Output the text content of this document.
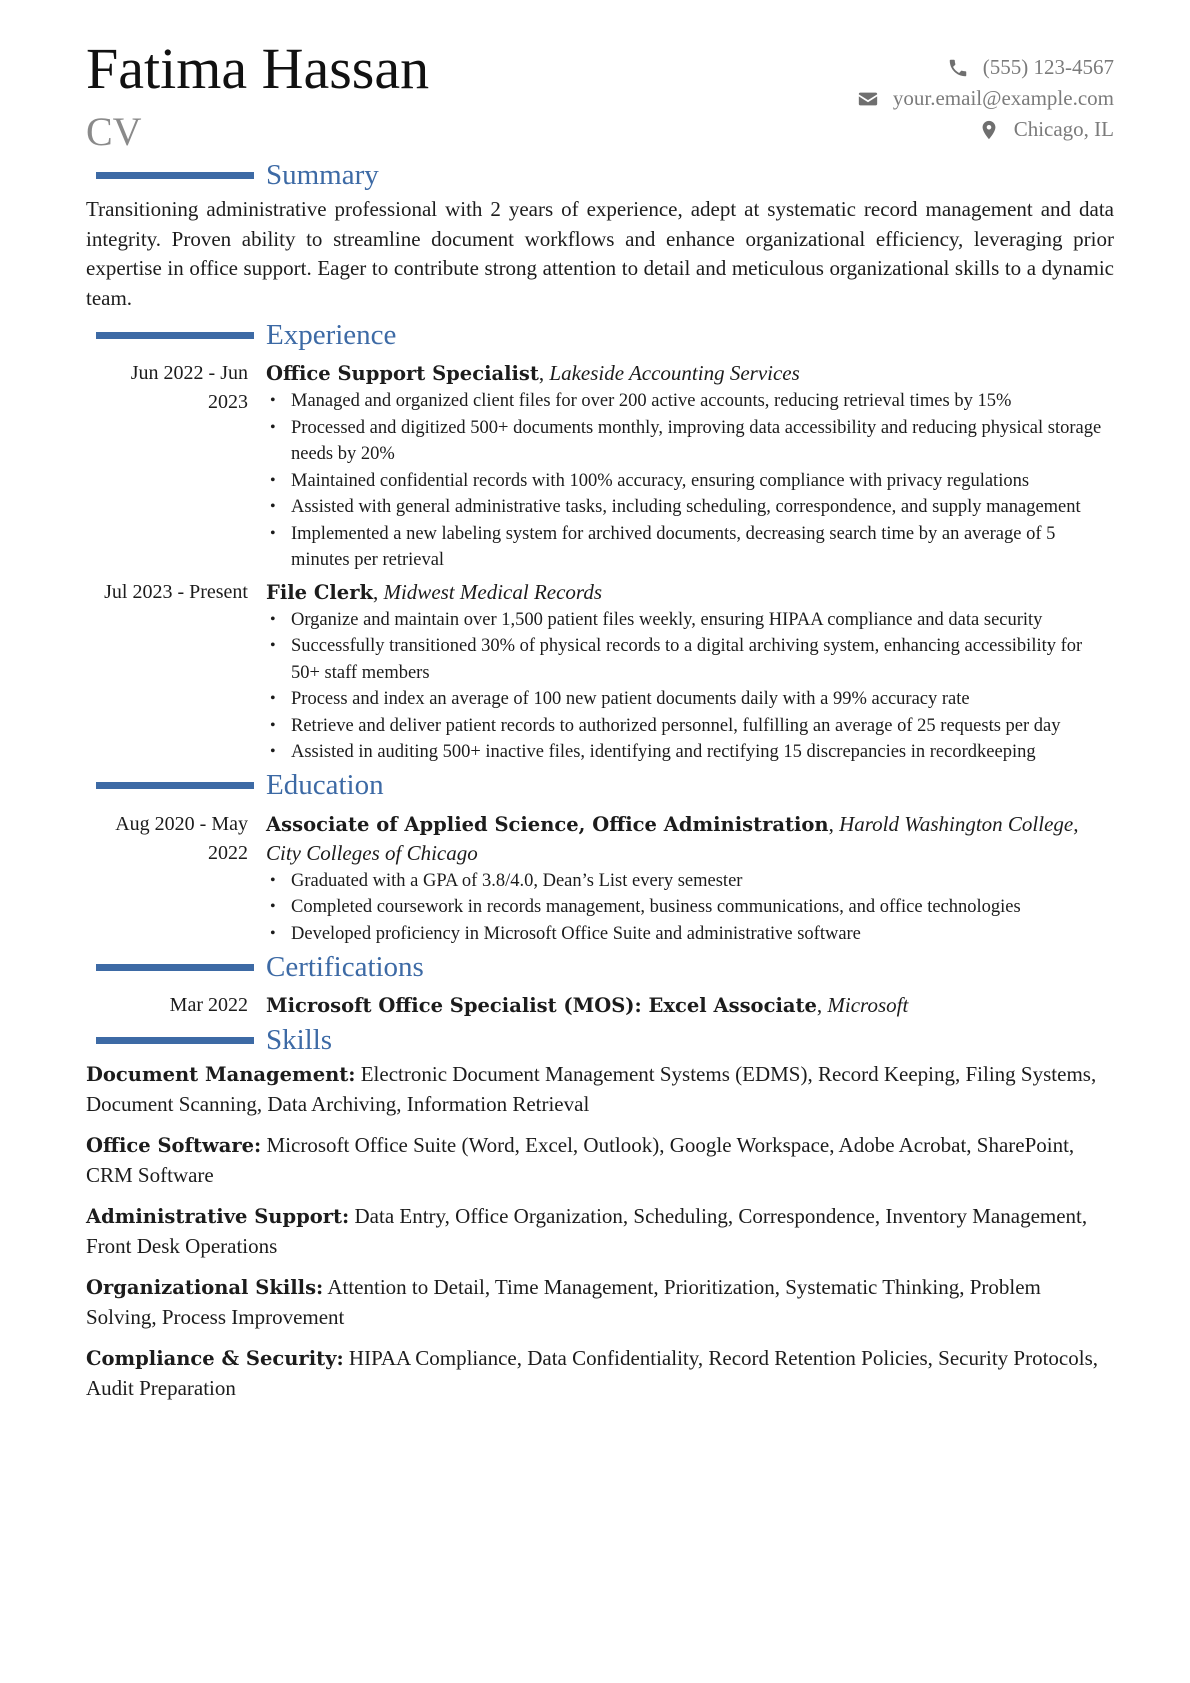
Fatima Hassan
CV
(555) 123-4567
your.email@example.com
Chicago, IL
Summary

Transitioning administrative professional with 2 years of experience, adept at systematic record management and data integrity. Proven ability to streamline document workflows and enhance organizational efficiency, leveraging prior expertise in office support. Eager to contribute strong attention to detail and meticulous organizational skills to a dynamic team.

Experience
Jun 2022 - Jun 2023
Office Support Specialist, Lakeside Accounting Services
• Managed and organized client files for over 200 active accounts, reducing retrieval times by 15%
• Processed and digitized 500+ documents monthly, improving data accessibility and reducing physical storage needs by 20%
• Maintained confidential records with 100% accuracy, ensuring compliance with privacy regulations
• Assisted with general administrative tasks, including scheduling, correspondence, and supply management
• Implemented a new labeling system for archived documents, decreasing search time by an average of 5 minutes per retrieval
Jul 2023 - Present File Clerk, Midwest Medical Records
• Organize and maintain over 1,500 patient files weekly, ensuring HIPAA compliance and data security
• Successfully transitioned 30% of physical records to a digital archiving system, enhancing accessibility for 50+ staff members
• Process and index an average of 100 new patient documents daily with a 99% accuracy rate
• Retrieve and deliver patient records to authorized personnel, fulfilling an average of 25 requests per day
• Assisted in auditing 500+ inactive files, identifying and rectifying 15 discrepancies in recordkeeping
Education
Aug 2020 - May 2022
Associate of Applied Science, Office Administration, Harold Washington College, City Colleges of Chicago
• Graduated with a GPA of 3.8/4.0, Dean’s List every semester
• Completed coursework in records management, business communications, and office technologies
• Developed proficiency in Microsoft Office Suite and administrative software
Certifications
Mar 2022 Microsoft Office Specialist (MOS): Excel Associate, Microsoft
Skills

Document Management: Electronic Document Management Systems (EDMS), Record Keeping, Filing Systems, Document Scanning, Data Archiving, Information Retrieval

Office Software: Microsoft Office Suite (Word, Excel, Outlook), Google Workspace, Adobe Acrobat, SharePoint, CRM Software

Administrative Support: Data Entry, Office Organization, Scheduling, Correspondence, Inventory Management, Front Desk Operations

Organizational Skills: Attention to Detail, Time Management, Prioritization, Systematic Thinking, Problem Solving, Process Improvement

Compliance & Security: HIPAA Compliance, Data Confidentiality, Record Retention Policies, Security Protocols, Audit Preparation
